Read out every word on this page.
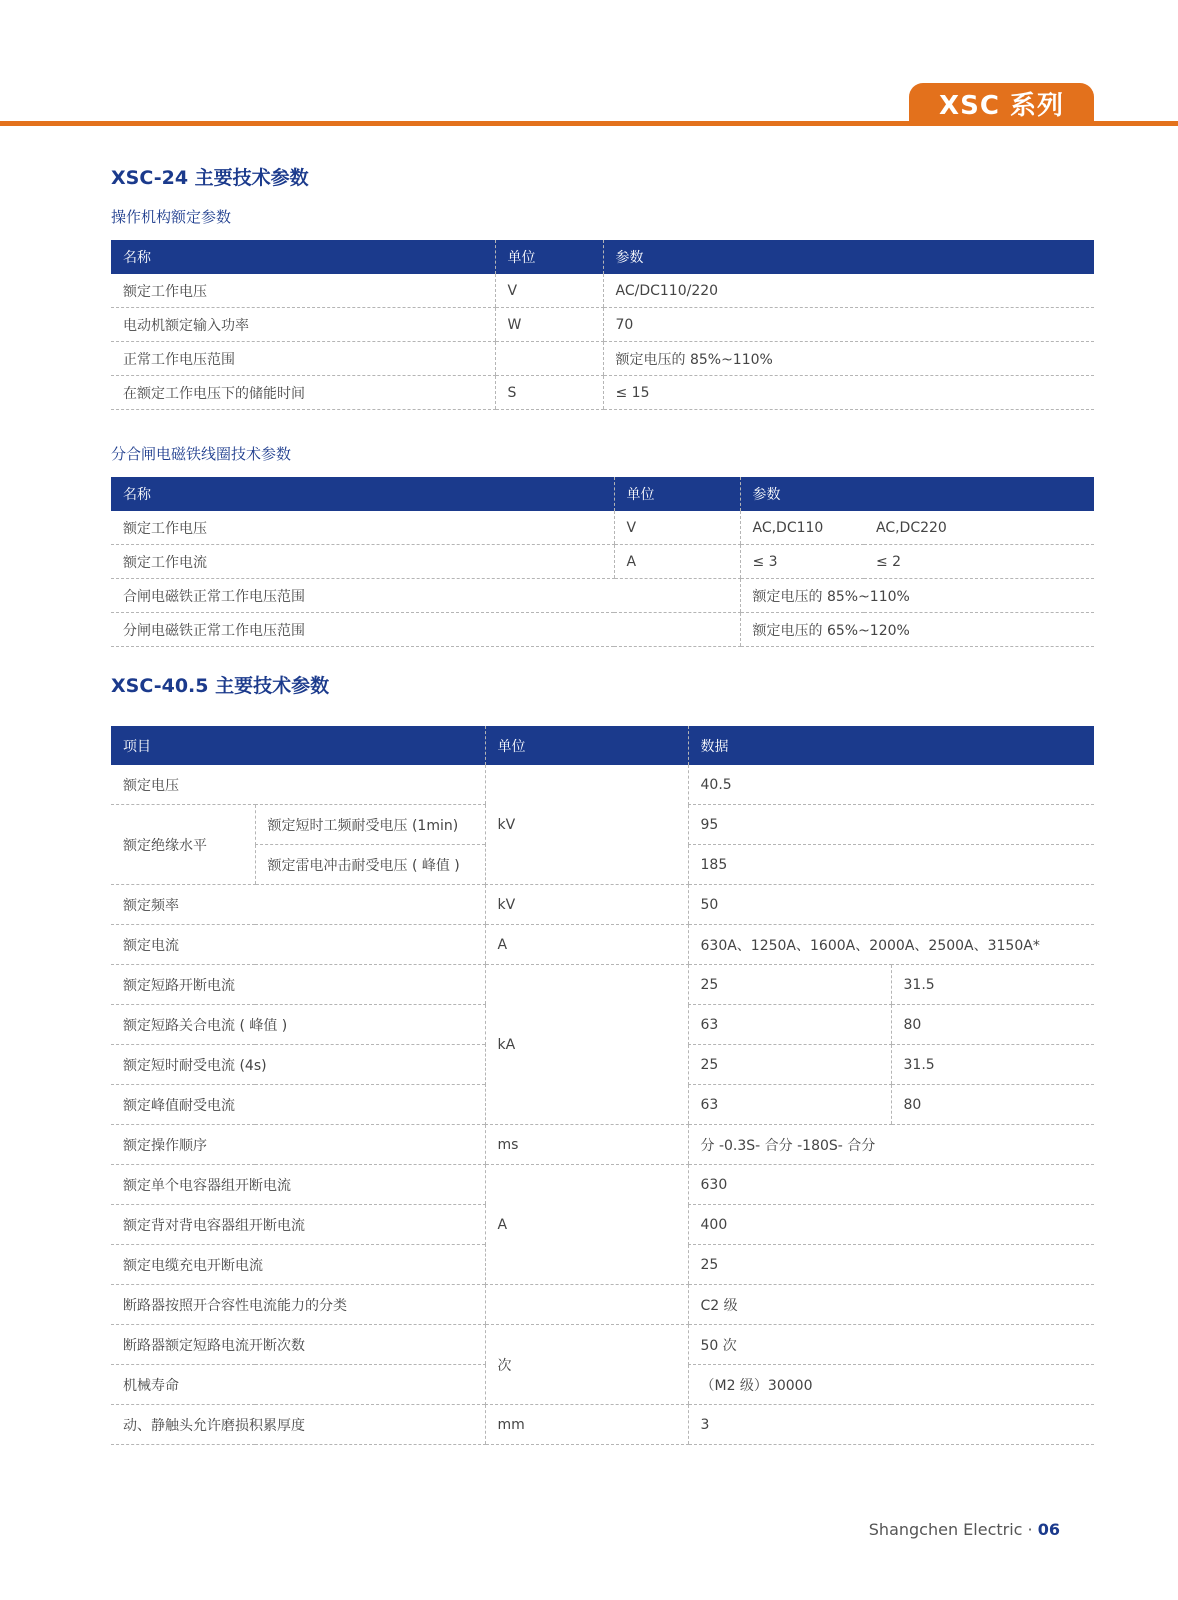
XSC 系列
XSC-24 主要技术参数
操作机构额定参数
名称	单位	参数
额定工作电压	V	AC/DC110/220
电动机额定输入功率	W	70
正常工作电压范围		额定电压的 85%~110%
在额定工作电压下的储能时间	S	≤ 15
分合闸电磁铁线圈技术参数
名称	单位	参数	
额定工作电压	V	AC,DC110	AC,DC220
额定工作电流	A	≤ 3	≤ 2
合闸电磁铁正常工作电压范围		额定电压的 85%~110%	
分闸电磁铁正常工作电压范围		额定电压的 65%~120%	
XSC-40.5 主要技术参数
项目		单位	数据	
额定电压		kV	40.5	
额定绝缘水平	额定短时工频耐受电压 (1min)		95	
	额定雷电冲击耐受电压 ( 峰值 )		185	
额定频率		kV	50	
额定电流		A	630A、1250A、1600A、2000A、2500A、3150A*	
额定短路开断电流		kA	25	31.5
额定短路关合电流 ( 峰值 )			63	80
额定短时耐受电流 (4s)			25	31.5
额定峰值耐受电流			63	80
额定操作顺序		ms	分 -0.3S- 合分 -180S- 合分	
额定单个电容器组开断电流		A	630	
额定背对背电容器组开断电流			400	
额定电缆充电开断电流			25	
断路器按照开合容性电流能力的分类			C2 级	
断路器额定短路电流开断次数		次	50 次	
机械寿命			（M2 级）30000	
动、静触头允许磨损积累厚度		mm	3	
Shangchen Electric · 06
